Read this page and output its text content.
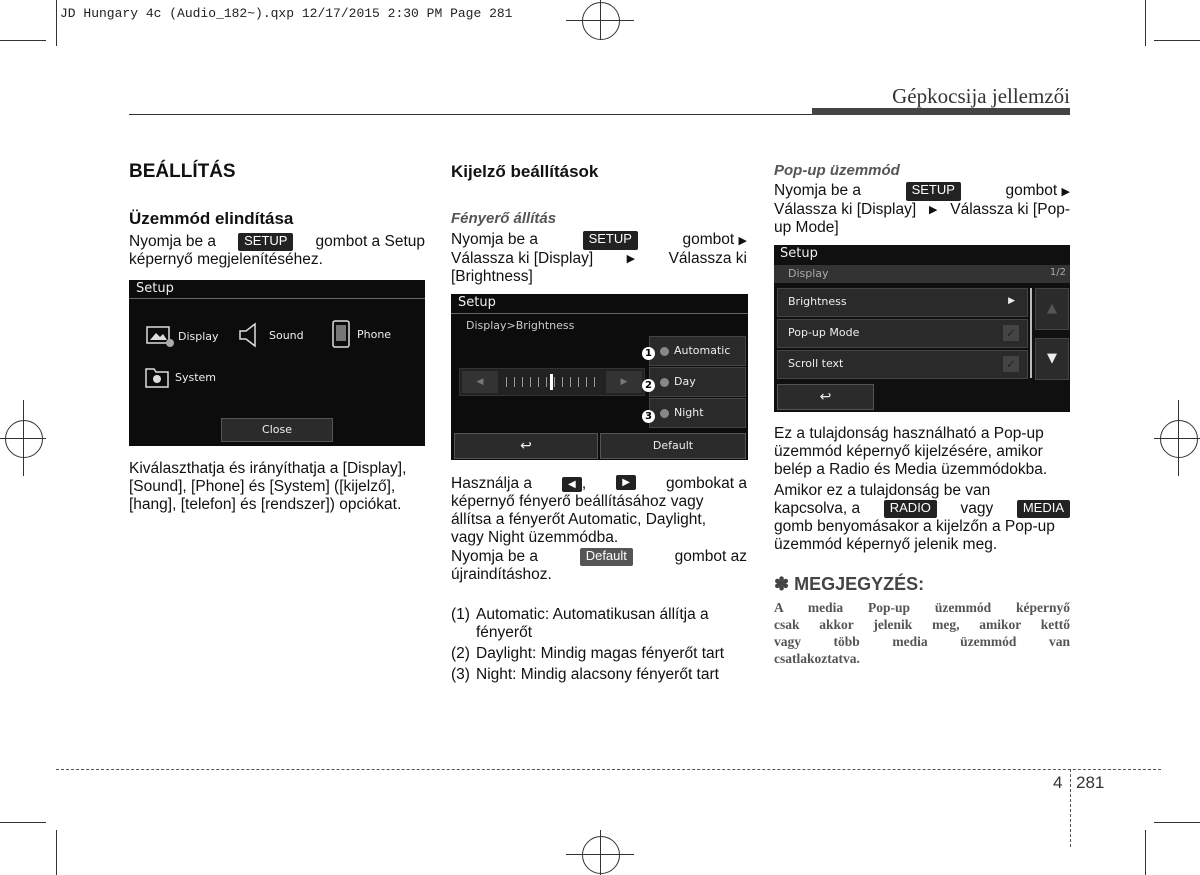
JD Hungary 4c (Audio_182~).qxp 12/17/2015 2:30 PM Page 281
Gépkocsija jellemzői
BEÁLLÍTÁS
Üzemmód elindítása
Nyomja be a	SETUP	gombot a Setup
képernyő megjelenítéséhez.
Setup
Display	Sound	Phone
System
Close
Kiválaszthatja és irányíthatja a [Display],
[Sound], [Phone] és [System] ([kijelző],
[hang], [telefon] és [rendszer]) opciókat.
Kijelző beállítások
Fényerő állítás
Nyomja be a	SETUP	gombot ▶
Válassza ki [Display]	▶ Válassza ki
[Brightness]
Setup
Display>Brightness
◀	▶
Automatic
Day
Night
1
2
3
↩	Default
Használja a	◀ ,	▶	gombokat a
képernyő fényerő beállításához vagy
állítsa a fényerőt Automatic, Daylight,
vagy Night üzemmódba.
Nyomja be a	Default	gombot az
újraindításhoz.
(1) Automatic: Automatikusan állítja a
fényerőt
(2) Daylight: Mindig magas fényerőt tart
(3) Night: Mindig alacsony fényerőt tart
Pop-up üzemmód
Nyomja be a	SETUP	gombot ▶
Válassza ki [Display] ▶ Válassza ki [Pop-
up Mode]
Setup
Display	1/2
Brightness	▶
Pop-up Mode	✓
Scroll text	✓
▲
▼
↩
Ez a tulajdonság használható a Pop-up
üzemmód képernyő kijelzésére, amikor
belép a Radio és Media üzemmódokba.
Amikor ez a tulajdonság be van
kapcsolva, a	RADIO	vagy	MEDIA
gomb benyomásakor a kijelzőn a Pop-up
üzemmód képernyő jelenik meg.
✽ MEGJEGYZÉS:
A media Pop-up üzemmód képernyő
csak akkor jelenik meg, amikor kettő
vagy több media üzemmód van
csatlakoztatva.
4 281
